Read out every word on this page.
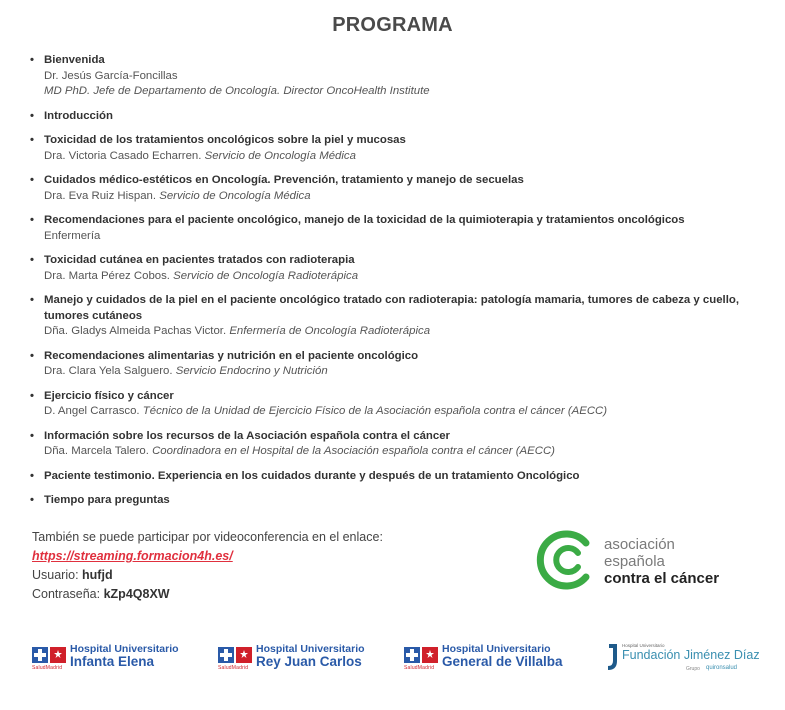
PROGRAMA
• Bienvenida
Dr. Jesús García-Foncillas
MD PhD. Jefe de Departamento de Oncología. Director OncoHealth Institute
• Introducción
• Toxicidad de los tratamientos oncológicos sobre la piel y mucosas
Dra. Victoria Casado Echarren. Servicio de Oncología Médica
• Cuidados médico-estéticos en Oncología. Prevención, tratamiento y manejo de secuelas
Dra. Eva Ruiz Hispan. Servicio de Oncología Médica
• Recomendaciones para el paciente oncológico, manejo de la toxicidad de la quimioterapia y tratamientos oncológicos
Enfermería
• Toxicidad cutánea en pacientes tratados con radioterapia
Dra. Marta Pérez Cobos. Servicio de Oncología Radioterápica
• Manejo y cuidados de la piel en el paciente oncológico tratado con radioterapia: patología mamaria, tumores de cabeza y cuello, tumores cutáneos
Dña. Gladys Almeida Pachas Victor. Enfermería de Oncología Radioterápica
• Recomendaciones alimentarias y nutrición en el paciente oncológico
Dra. Clara Yela Salguero. Servicio Endocrino y Nutrición
• Ejercicio físico y cáncer
D. Angel Carrasco. Técnico de la Unidad de Ejercicio Físico de la Asociación española contra el cáncer (AECC)
• Información sobre los recursos de la Asociación española contra el cáncer
Dña. Marcela Talero. Coordinadora en el Hospital de la Asociación española contra el cáncer (AECC)
• Paciente testimonio. Experiencia en los cuidados durante y después de un tratamiento Oncológico
• Tiempo para preguntas
También se puede participar por videoconferencia en el enlace:
https://streaming.formacion4h.es/
Usuario: hufjd
Contraseña: kZp4Q8XW
asociación
española
contra el cáncer
SaludMadrid
Hospital Universitario
Infanta Elena	SaludMadrid
Hospital Universitario
Rey Juan Carlos	SaludMadrid
Hospital Universitario
General de Villalba
Hospital Universitario
Fundación Jiménez Díaz
Grupo quironsalud
